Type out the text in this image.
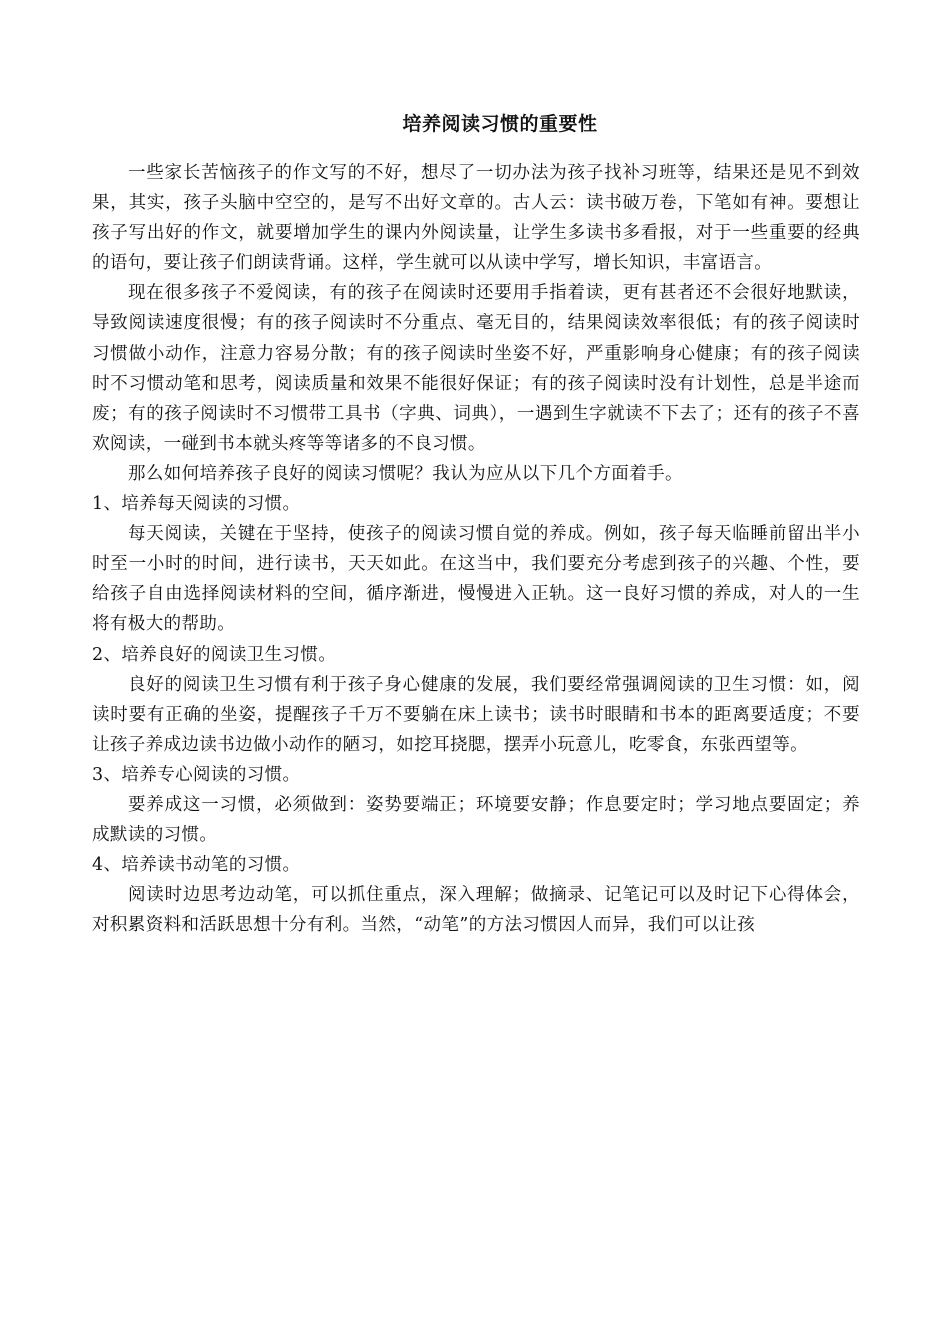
培养阅读习惯的重要性

一些家长苦恼孩子的作文写的不好，想尽了一切办法为孩子找补习班等，结果还是见不到效果，其实，孩子头脑中空空的，是写不出好文章的。古人云：读书破万卷，下笔如有神。要想让孩子写出好的作文，就要增加学生的课内外阅读量，让学生多读书多看报，对于一些重要的经典的语句，要让孩子们朗读背诵。这样，学生就可以从读中学写，增长知识，丰富语言。

现在很多孩子不爱阅读，有的孩子在阅读时还要用手指着读，更有甚者还不会很好地默读，导致阅读速度很慢；有的孩子阅读时不分重点、毫无目的，结果阅读效率很低；有的孩子阅读时习惯做小动作，注意力容易分散；有的孩子阅读时坐姿不好，严重影响身心健康；有的孩子阅读时不习惯动笔和思考，阅读质量和效果不能很好保证；有的孩子阅读时没有计划性，总是半途而废；有的孩子阅读时不习惯带工具书（字典、词典），一遇到生字就读不下去了；还有的孩子不喜欢阅读，一碰到书本就头疼等等诸多的不良习惯。

那么如何培养孩子良好的阅读习惯呢？我认为应从以下几个方面着手。

1、培养每天阅读的习惯。

每天阅读，关键在于坚持，使孩子的阅读习惯自觉的养成。例如，孩子每天临睡前留出半小时至一小时的时间，进行读书，天天如此。在这当中，我们要充分考虑到孩子的兴趣、个性，要给孩子自由选择阅读材料的空间，循序渐进，慢慢进入正轨。这一良好习惯的养成，对人的一生将有极大的帮助。

2、培养良好的阅读卫生习惯。

良好的阅读卫生习惯有利于孩子身心健康的发展，我们要经常强调阅读的卫生习惯：如，阅读时要有正确的坐姿，提醒孩子千万不要躺在床上读书；读书时眼睛和书本的距离要适度；不要让孩子养成边读书边做小动作的陋习，如挖耳挠腮，摆弄小玩意儿，吃零食，东张西望等。

3、培养专心阅读的习惯。

要养成这一习惯，必须做到：姿势要端正；环境要安静；作息要定时；学习地点要固定；养成默读的习惯。

4、培养读书动笔的习惯。

阅读时边思考边动笔，可以抓住重点，深入理解；做摘录、记笔记可以及时记下心得体会，对积累资料和活跃思想十分有利。当然，“动笔”的方法习惯因人而异，我们可以让孩
